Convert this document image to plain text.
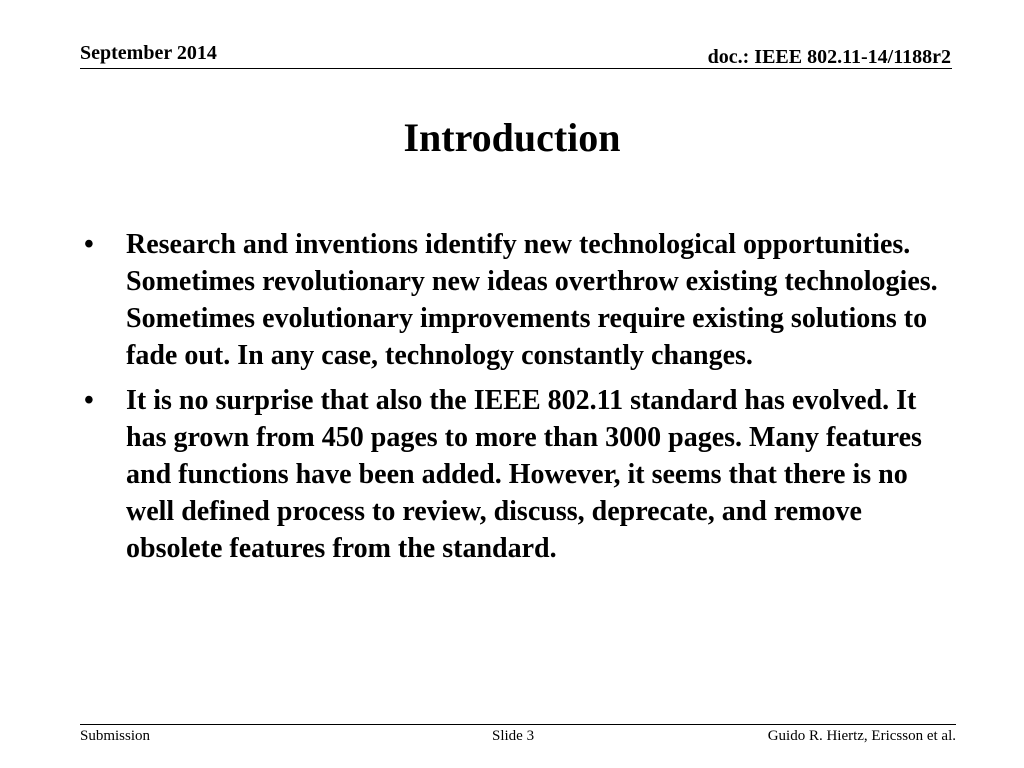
September 2014	doc.: IEEE 802.11-14/1188r2
Introduction
•	Research and inventions identify new technological opportunities. Sometimes revolutionary new ideas overthrow existing technologies. Sometimes evolutionary improvements require existing solutions to fade out. In any case, technology constantly changes.
•	It is no surprise that also the IEEE 802.11 standard has evolved. It has grown from 450 pages to more than 3000 pages. Many features and functions have been added. However, it seems that there is no well defined process to review, discuss, deprecate, and remove obsolete features from the standard.
Submission	Slide 3	Guido R. Hiertz, Ericsson et al.
